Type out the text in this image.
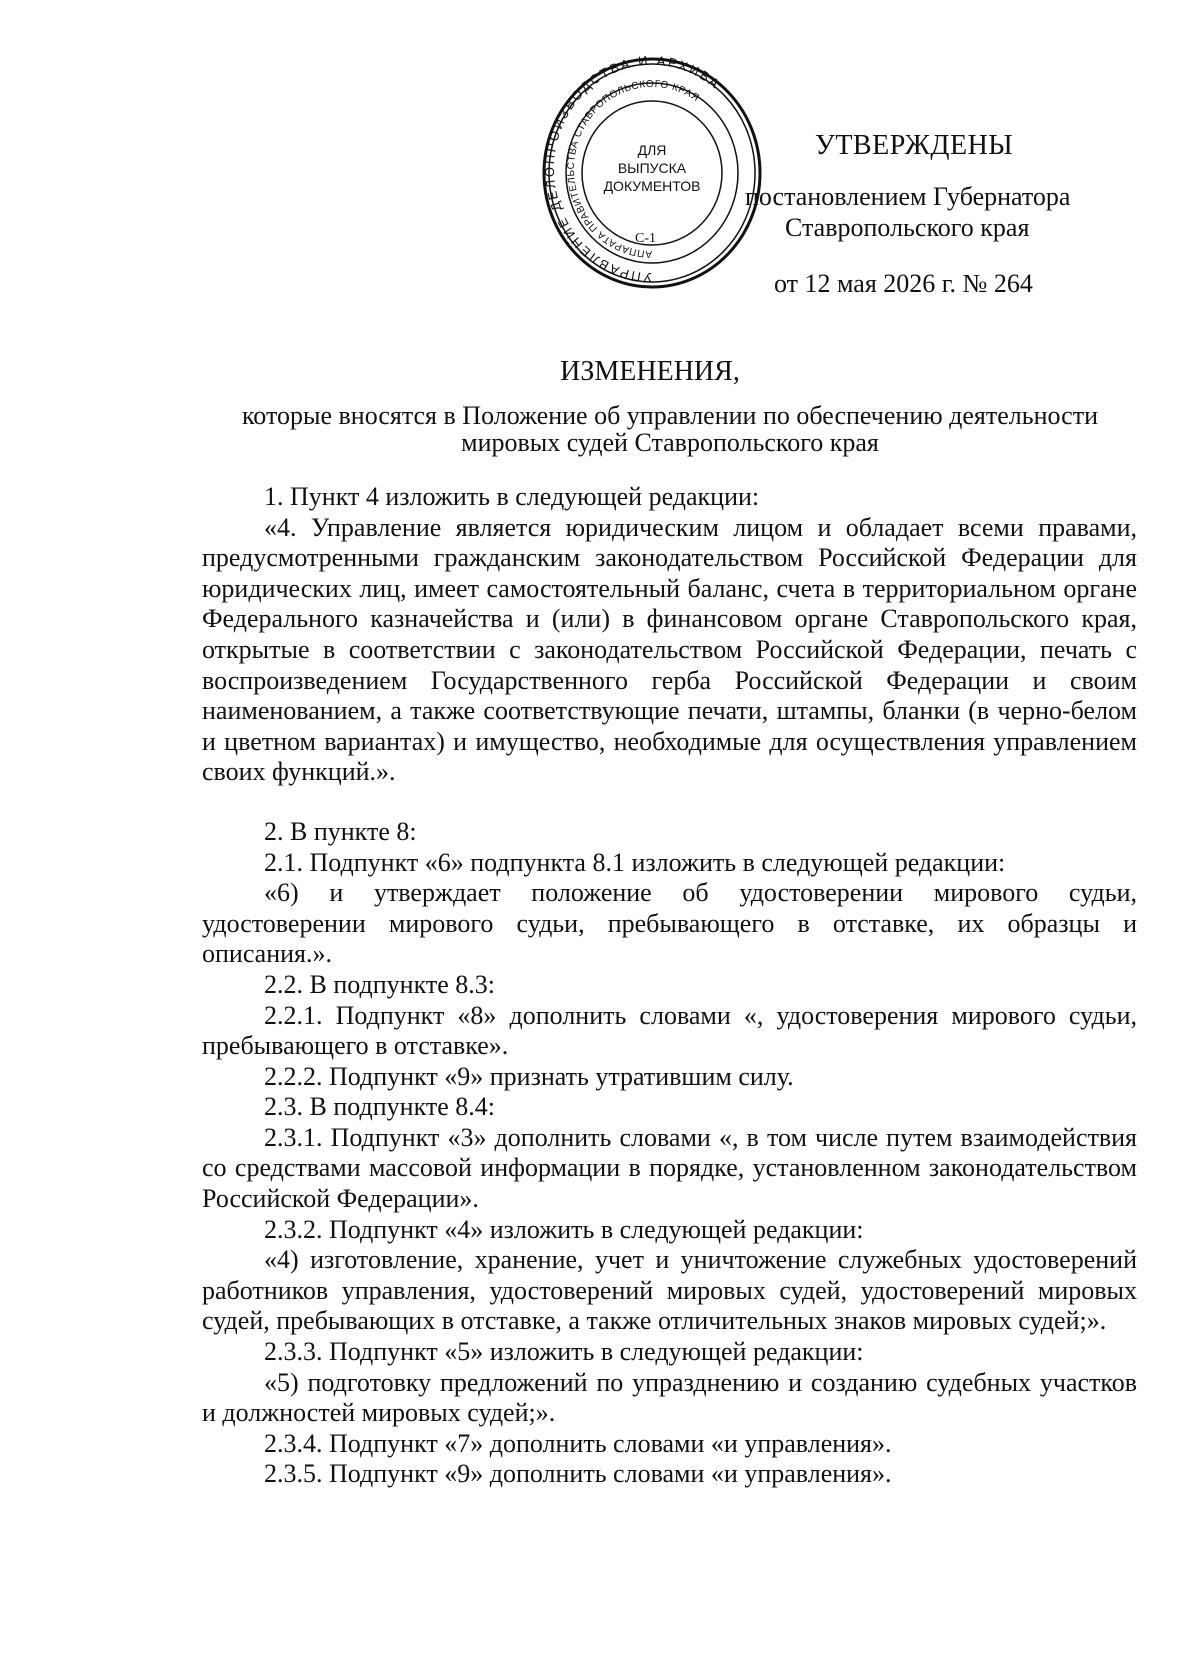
УПРАВЛЕНИЕ ДЕЛОПРОИЗВОДСТВА И АРХИВА
АППАРАТА ПРАВИТЕЛЬСТВА СТАВРОПОЛЬСКОГО КРАЯ
ДЛЯ
ВЫПУСКА
ДОКУМЕНТОВ
С-1
УТВЕРЖДЕНЫ
постановлением Губернатора
Ставропольского края
от 12 мая 2026 г. № 264
ИЗМЕНЕНИЯ,

которые вносятся в Положение об управлении по обеспечению деятельности мировых судей Ставропольского края

1. Пункт 4 изложить в следующей редакции:

«4. Управление является юридическим лицом и обладает всеми правами, предусмотренными гражданским законодательством Российской Федерации для юридических лиц, имеет самостоятельный баланс, счета в территориальном органе Федерального казначейства и (или) в финансовом органе Ставропольского края, открытые в соответствии с законодательством Российской Федерации, печать с воспроизведением Государственного герба Российской Федерации и своим наименованием, а также соответствующие печати, штампы, бланки (в черно-белом и цветном вариантах) и имущество, необходимые для осуществления управлением своих функций.».

2. В пункте 8:

2.1. Подпункт «6» подпункта 8.1 изложить в следующей редакции:

«6) и утверждает положение об удостоверении мирового судьи, удостоверении мирового судьи, пребывающего в отставке, их образцы и описания.».

2.2. В подпункте 8.3:

2.2.1. Подпункт «8» дополнить словами «, удостоверения мирового судьи, пребывающего в отставке».

2.2.2. Подпункт «9» признать утратившим силу.

2.3. В подпункте 8.4:

2.3.1. Подпункт «3» дополнить словами «, в том числе путем взаимодействия со средствами массовой информации в порядке, установленном законодательством Российской Федерации».

2.3.2. Подпункт «4» изложить в следующей редакции:

«4) изготовление, хранение, учет и уничтожение служебных удостоверений работников управления, удостоверений мировых судей, удостоверений мировых судей, пребывающих в отставке, а также отличительных знаков мировых судей;».

2.3.3. Подпункт «5» изложить в следующей редакции:

«5) подготовку предложений по упразднению и созданию судебных участков и должностей мировых судей;».

2.3.4. Подпункт «7» дополнить словами «и управления».

2.3.5. Подпункт «9» дополнить словами «и управления».
